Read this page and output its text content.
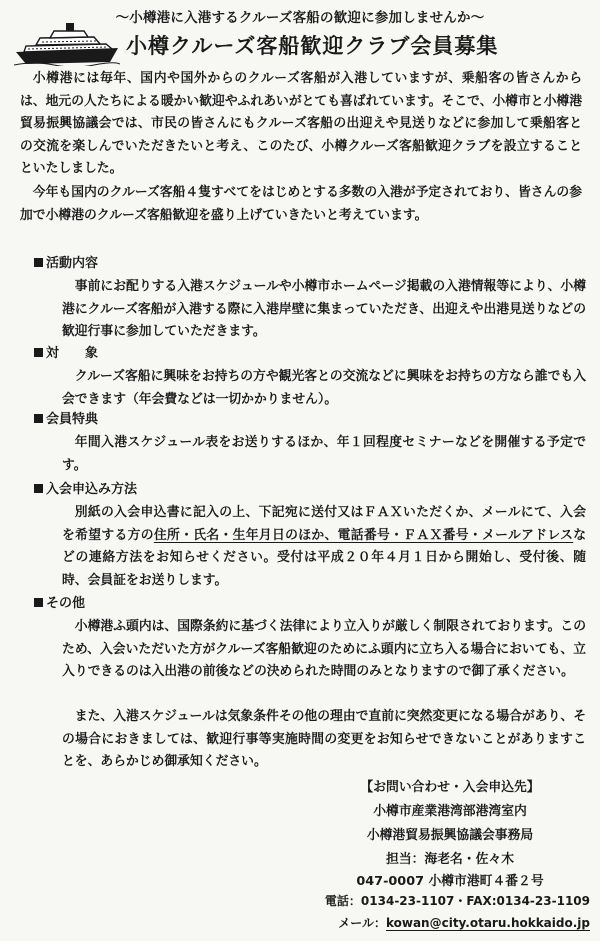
～小樽港に入港するクルーズ客船の歓迎に参加しませんか～
小樽クルーズ客船歓迎クラブ会員募集
小樽港には毎年、国内や国外からのクルーズ客船が入港していますが、乗船客の皆さんからは、地元の人たちによる暖かい歓迎やふれあいがとても喜ばれています。そこで、小樽市と小樽港貿易振興協議会では、市民の皆さんにもクルーズ客船の出迎えや見送りなどに参加して乗船客との交流を楽しんでいただきたいと考え、このたび、小樽クルーズ客船歓迎クラブを設立することといたしました。
今年も国内のクルーズ客船４隻すべてをはじめとする多数の入港が予定されており、皆さんの参加で小樽港のクルーズ客船歓迎を盛り上げていきたいと考えています。
活動内容
事前にお配りする入港スケジュールや小樽市ホームページ掲載の入港情報等により、小樽港にクルーズ客船が入港する際に入港岸壁に集まっていただき、出迎えや出港見送りなどの歓迎行事に参加していただきます。
対　　象
クルーズ客船に興味をお持ちの方や観光客との交流などに興味をお持ちの方なら誰でも入会できます（年会費などは一切かかりません）。
会員特典
年間入港スケジュール表をお送りするほか、年１回程度セミナーなどを開催する予定です。
入会申込み方法
別紙の入会申込書に記入の上、下記宛に送付又はＦＡＸいただくか、メールにて、入会を希望する方の住所・氏名・生年月日のほか、電話番号・ＦＡＸ番号・メールアドレスなどの連絡方法をお知らせください。受付は平成２０年４月１日から開始し、受付後、随時、会員証をお送りします。
その他
小樽港ふ頭内は、国際条約に基づく法律により立入りが厳しく制限されております。このため、入会いただいた方がクルーズ客船歓迎のためにふ頭内に立ち入る場合においても、立入りできるのは入出港の前後などの決められた時間のみとなりますので御了承ください。
また、入港スケジュールは気象条件その他の理由で直前に突然変更になる場合があり、その場合におきましては、歓迎行事等実施時間の変更をお知らせできないことがありますことを、あらかじめ御承知ください。
【お問い合わせ・入会申込先】
小樽市産業港湾部港湾室内
小樽港貿易振興協議会事務局
担当：海老名・佐々木
047-0007 小樽市港町４番２号
電話：0134-23-1107・FAX:0134-23-1109
メール：kowan@city.otaru.hokkaido.jp
